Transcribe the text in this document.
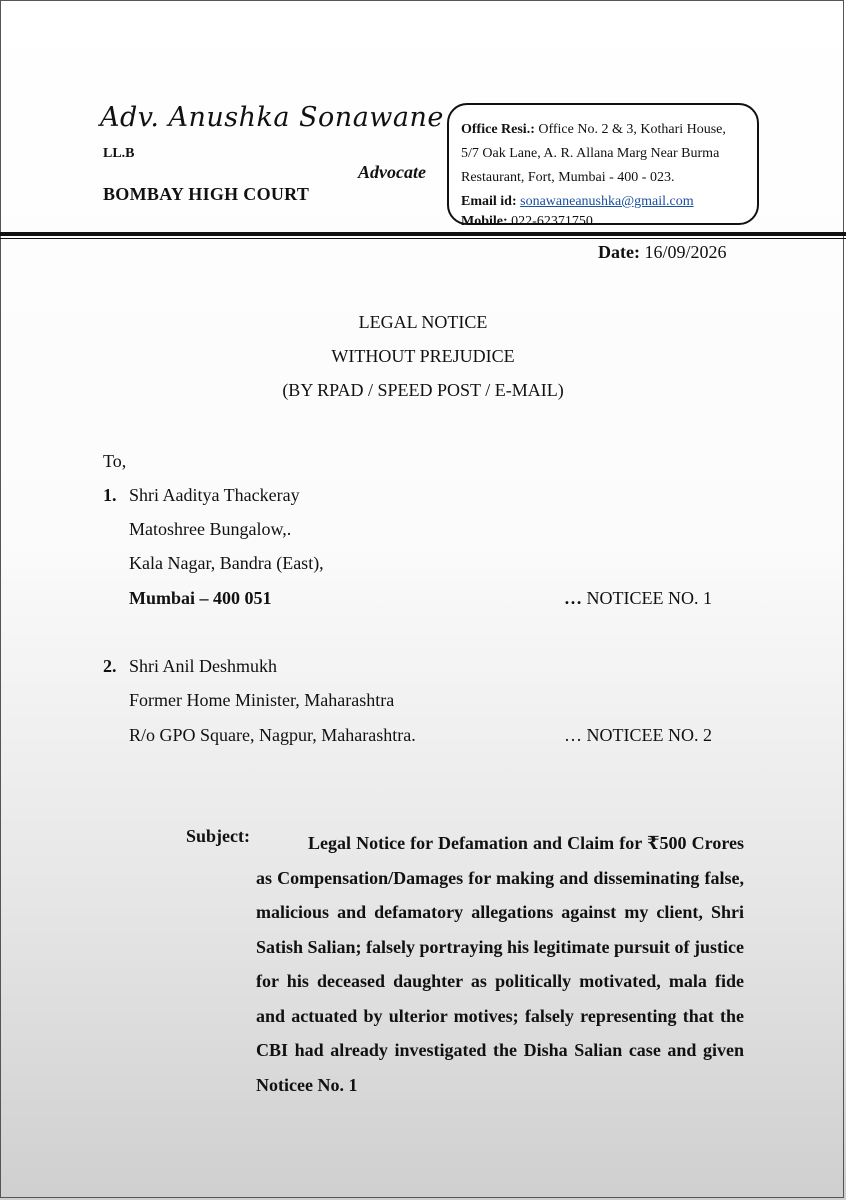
Adv. Anushka Sonawane
LL.B
Advocate
BOMBAY HIGH COURT
Office Resi.: Office No. 2 & 3, Kothari House,
5/7 Oak Lane, A. R. Allana Marg Near Burma
Restaurant, Fort, Mumbai - 400 - 023.
Email id: sonawaneanushka@gmail.com
Mobile: 022-62371750
Date: 16/09/2026
LEGAL NOTICE
WITHOUT PREJUDICE
(BY RPAD / SPEED POST / E-MAIL)
To,
1. Shri Aaditya Thackeray
Matoshree Bungalow,.
Kala Nagar, Bandra (East),
Mumbai – 400 051	… NOTICEE NO. 1
2. Shri Anil Deshmukh
Former Home Minister, Maharashtra
R/o GPO Square, Nagpur, Maharashtra.	… NOTICEE NO. 2
Subject:	Legal Notice for Defamation and Claim for ₹500 Crores as Compensation/Damages for making and disseminating false, malicious and defamatory allegations against my client, Shri Satish Salian; falsely portraying his legitimate pursuit of justice for his deceased daughter as politically motivated, mala fide and actuated by ulterior motives; falsely representing that the CBI had already investigated the Disha Salian case and given Noticee No. 1
